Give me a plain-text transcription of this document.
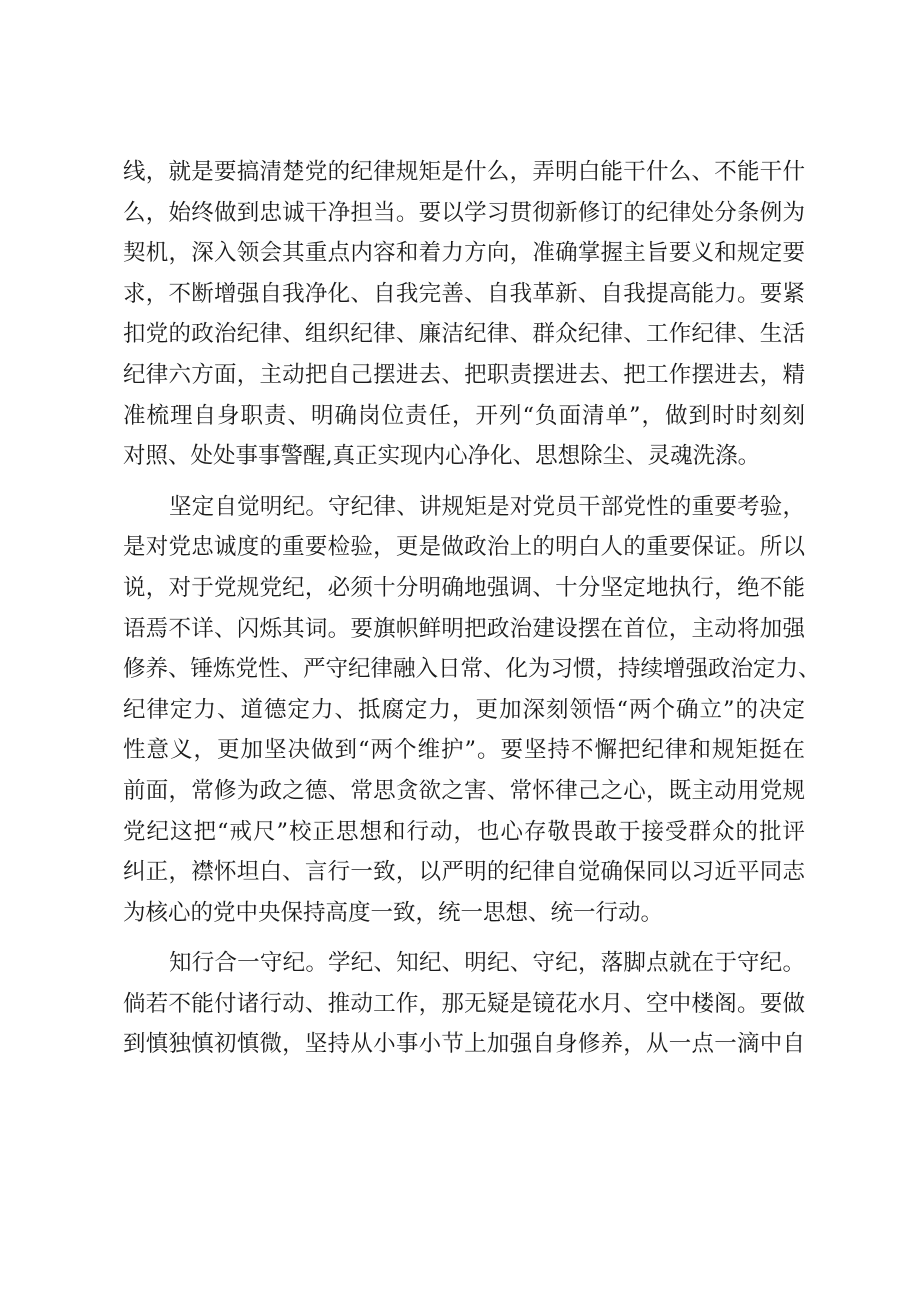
线，就是要搞清楚党的纪律规矩是什么，弄明白能干什么、不能干什
么，始终做到忠诚干净担当。要以学习贯彻新修订的纪律处分条例为
契机，深入领会其重点内容和着力方向，准确掌握主旨要义和规定要
求，不断增强自我净化、自我完善、自我革新、自我提高能力。要紧
扣党的政治纪律、组织纪律、廉洁纪律、群众纪律、工作纪律、生活
纪律六方面，主动把自己摆进去、把职责摆进去、把工作摆进去，精
准梳理自身职责、明确岗位责任，开列“负面清单”，做到时时刻刻
对照、处处事事警醒,真正实现内心净化、思想除尘、灵魂洗涤。
坚定自觉明纪。守纪律、讲规矩是对党员干部党性的重要考验，
是对党忠诚度的重要检验，更是做政治上的明白人的重要保证。所以
说，对于党规党纪，必须十分明确地强调、十分坚定地执行，绝不能
语焉不详、闪烁其词。要旗帜鲜明把政治建设摆在首位，主动将加强
修养、锤炼党性、严守纪律融入日常、化为习惯，持续增强政治定力、
纪律定力、道德定力、抵腐定力，更加深刻领悟“两个确立”的决定
性意义，更加坚决做到“两个维护”。要坚持不懈把纪律和规矩挺在
前面，常修为政之德、常思贪欲之害、常怀律己之心，既主动用党规
党纪这把“戒尺”校正思想和行动，也心存敬畏敢于接受群众的批评
纠正，襟怀坦白、言行一致，以严明的纪律自觉确保同以习近平同志
为核心的党中央保持高度一致，统一思想、统一行动。
知行合一守纪。学纪、知纪、明纪、守纪，落脚点就在于守纪。
倘若不能付诸行动、推动工作，那无疑是镜花水月、空中楼阁。要做
到慎独慎初慎微，坚持从小事小节上加强自身修养，从一点一滴中自
